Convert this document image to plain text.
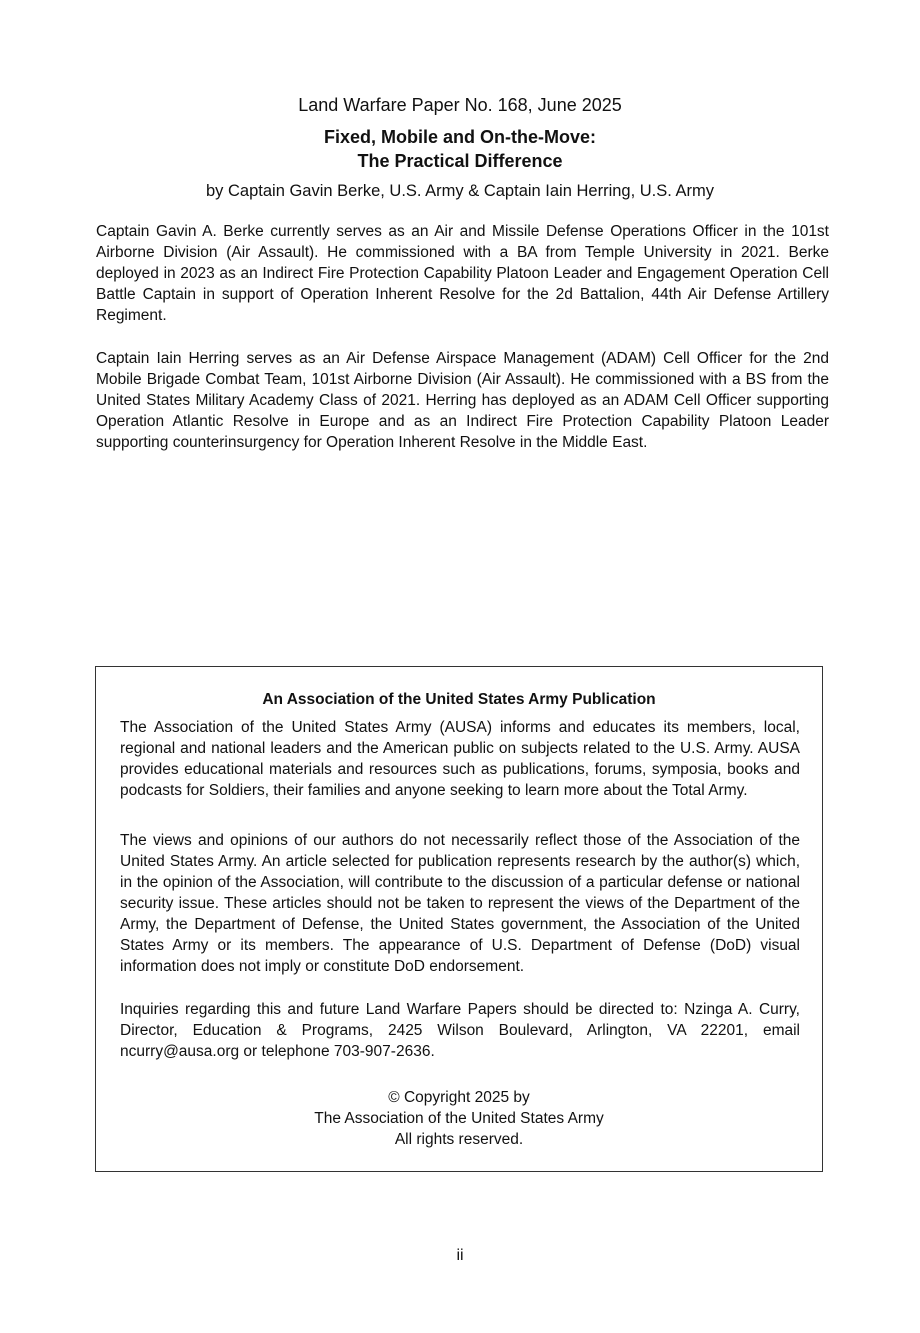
Land Warfare Paper No. 168, June 2025
Fixed, Mobile and On-the-Move:
The Practical Difference
by Captain Gavin Berke, U.S. Army & Captain Iain Herring, U.S. Army

Captain Gavin A. Berke currently serves as an Air and Missile Defense Operations Officer in the 101st Airborne Division (Air Assault). He commissioned with a BA from Temple University in 2021. Berke deployed in 2023 as an Indirect Fire Protection Capability Platoon Leader and Engagement Operation Cell Battle Captain in support of Operation Inherent Resolve for the 2d Battalion, 44th Air Defense Artillery Regiment.

Captain Iain Herring serves as an Air Defense Airspace Management (ADAM) Cell Officer for the 2nd Mobile Brigade Combat Team, 101st Airborne Division (Air Assault). He commissioned with a BS from the United States Military Academy Class of 2021. Herring has deployed as an ADAM Cell Officer supporting Operation Atlantic Resolve in Europe and as an Indirect Fire Protection Capability Platoon Leader supporting counterinsurgency for Operation Inherent Resolve in the Middle East.

An Association of the United States Army Publication

The Association of the United States Army (AUSA) informs and educates its members, local, regional and national leaders and the American public on subjects related to the U.S. Army. AUSA provides educational materials and resources such as publications, forums, symposia, books and podcasts for Soldiers, their families and anyone seeking to learn more about the Total Army.

The views and opinions of our authors do not necessarily reflect those of the Association of the United States Army. An article selected for publication represents research by the author(s) which, in the opinion of the Association, will contribute to the discussion of a particular defense or national security issue. These articles should not be taken to represent the views of the Department of the Army, the Department of Defense, the United States government, the Association of the United States Army or its members. The appearance of U.S. Department of Defense (DoD) visual information does not imply or constitute DoD endorsement.

Inquiries regarding this and future Land Warfare Papers should be directed to: Nzinga A. Curry, Director, Education & Programs, 2425 Wilson Boulevard, Arlington, VA 22201, email ncurry@ausa.org or telephone 703-907-2636.

© Copyright 2025 by
The Association of the United States Army
All rights reserved.
ii
